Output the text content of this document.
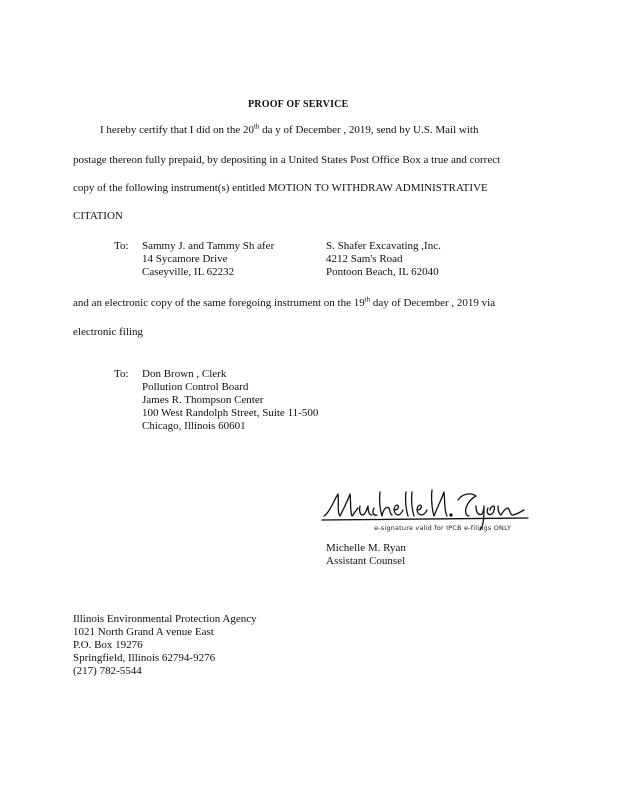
PROOF OF SERVICE
I hereby certify that I did on the 20th da y of December , 2019, send by U.S. Mail with
postage thereon fully prepaid, by depositing in a United States Post Office Box a true and correct
copy of the following instrument(s) entitled MOTION TO WITHDRAW ADMINISTRATIVE
CITATION
To: Sammy J. and Tammy Sh afer
14 Sycamore Drive
Caseyville, IL 62232
S. Shafer Excavating ,Inc.
4212 Sam's Road
Pontoon Beach, IL 62040
and an electronic copy of the same foregoing instrument on the 19th day of December , 2019 via
electronic filing
To: Don Brown , Clerk
Pollution Control Board
James R. Thompson Center
100 West Randolph Street, Suite 11-500
Chicago, Illinois 60601
e-signature valid for IPCB e-filings ONLY
Michelle M. Ryan
Assistant Counsel
Illinois Environmental Protection Agency
1021 North Grand A venue East
P.O. Box 19276
Springfield, Illinois 62794-9276
(217) 782-5544
